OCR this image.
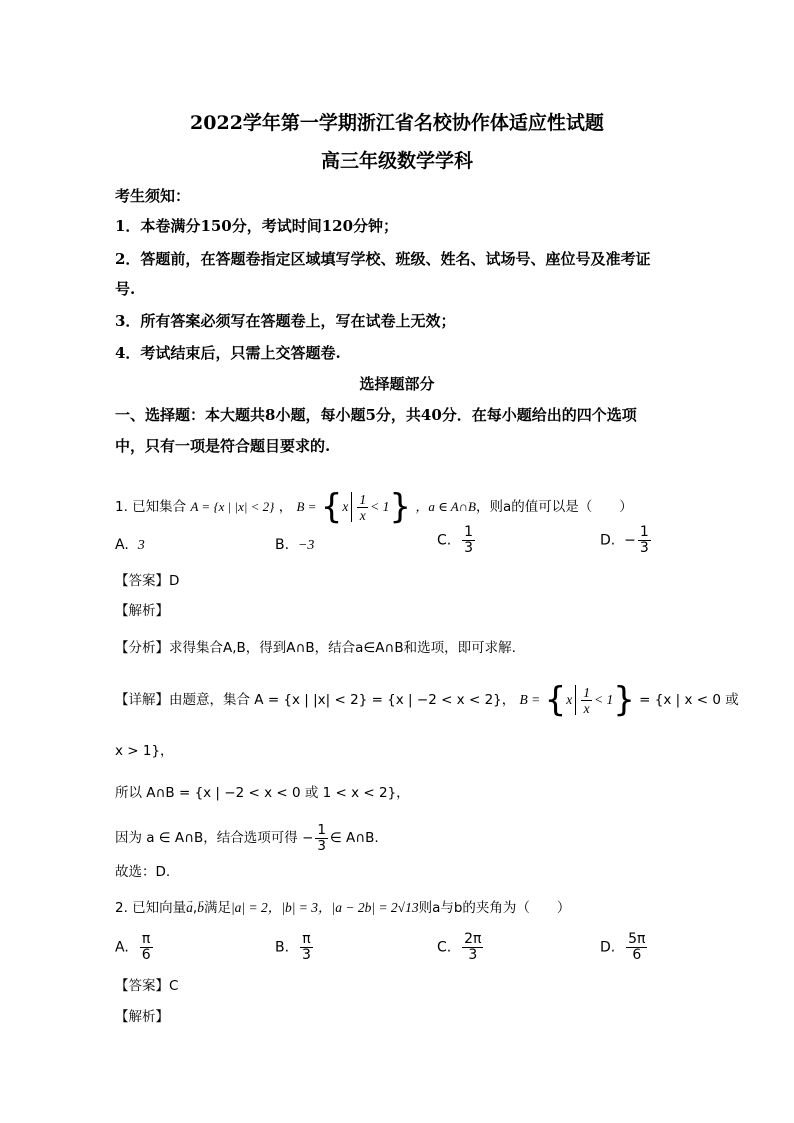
2022学年第一学期浙江省名校协作体适应性试题
高三年级数学学科
考生须知：
1．本卷满分150分，考试时间120分钟；
2．答题前，在答题卷指定区域填写学校、班级、姓名、试场号、座位号及准考证
号.
3．所有答案必须写在答题卷上，写在试卷上无效；
4．考试结束后，只需上交答题卷.
选择题部分
一、选择题：本大题共8小题，每小题5分，共40分．在每小题给出的四个选项
中，只有一项是符合题目要求的.
1. 已知集合 A = {x | |x| < 2} ， $B = \{x \frac{1}{x} < 1\}$ ，a ∈ A∩B，则a的值可以是（　　）
A. 3	B. −3	C. $\frac{1}{3}$	D. − $\frac{1}{3}$
【答案】D
【解析】
【分析】求得集合A,B，得到A∩B，结合a∈A∩B和选项，即可求解.
【详解】由题意，集合 A = {x | |x| < 2} = {x | −2 < x < 2}， $B = \{x \frac{1}{x} < 1\} = \{x$ | x < 0 或
x > 1}，
所以 A∩B = {x | −2 < x < 0 或 1 < x < 2}，
因为 a ∈ A∩B，结合选项可得 − $\frac{1}{3}$ ∈ A∩B.
故选：D.
2. 已知向量→ a,→ b满足|a| = 2，|b| = 3，|a − 2b| = 2√13则a与b的夹角为（　　）
A. $\frac{\pi}{6}$	B. $\frac{\pi}{3}$	C. $\frac{2\pi}{3}$	D. $\frac{5\pi}{6}$
【答案】C
【解析】
